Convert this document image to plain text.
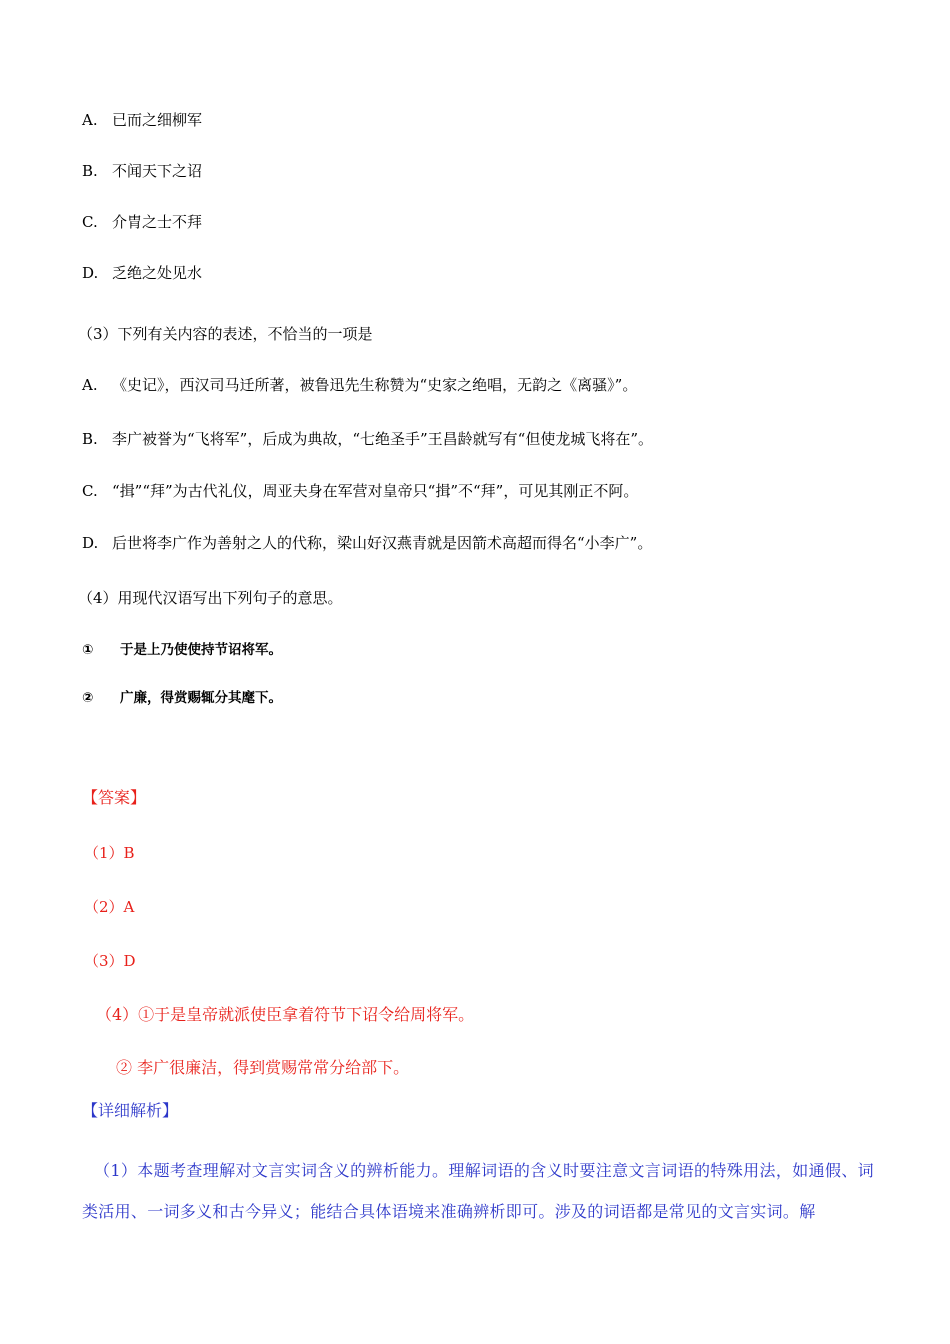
A. 已而之细柳军
B. 不闻天下之诏
C. 介胄之士不拜
D. 乏绝之处见水
（3）下列有关内容的表述，不恰当的一项是
A. 《史记》，西汉司马迁所著，被鲁迅先生称赞为“史家之绝唱，无韵之《离骚》”。
B. 李广被誉为“飞将军”，后成为典故，“七绝圣手”王昌龄就写有“但使龙城飞将在”。
C. “揖”“拜”为古代礼仪，周亚夫身在军营对皇帝只“揖”不“拜”，可见其刚正不阿。
D. 后世将李广作为善射之人的代称，梁山好汉燕青就是因箭术高超而得名“小李广”。
（4）用现代汉语写出下列句子的意思。
① 于是上乃使使持节诏将军。
② 广廉，得赏赐辄分其麾下。
【答案】
（1）B
（2）A
（3）D
（4）①于是皇帝就派使臣拿着符节下诏令给周将军。
② 李广很廉洁，得到赏赐常常分给部下。
【详细解析】
（1）本题考查理解对文言实词含义的辨析能力。理解词语的含义时要注意文言词语的特殊用法，如通假、词类活用、一词多义和古今异义；能结合具体语境来准确辨析即可。涉及的词语都是常见的文言实词。解
